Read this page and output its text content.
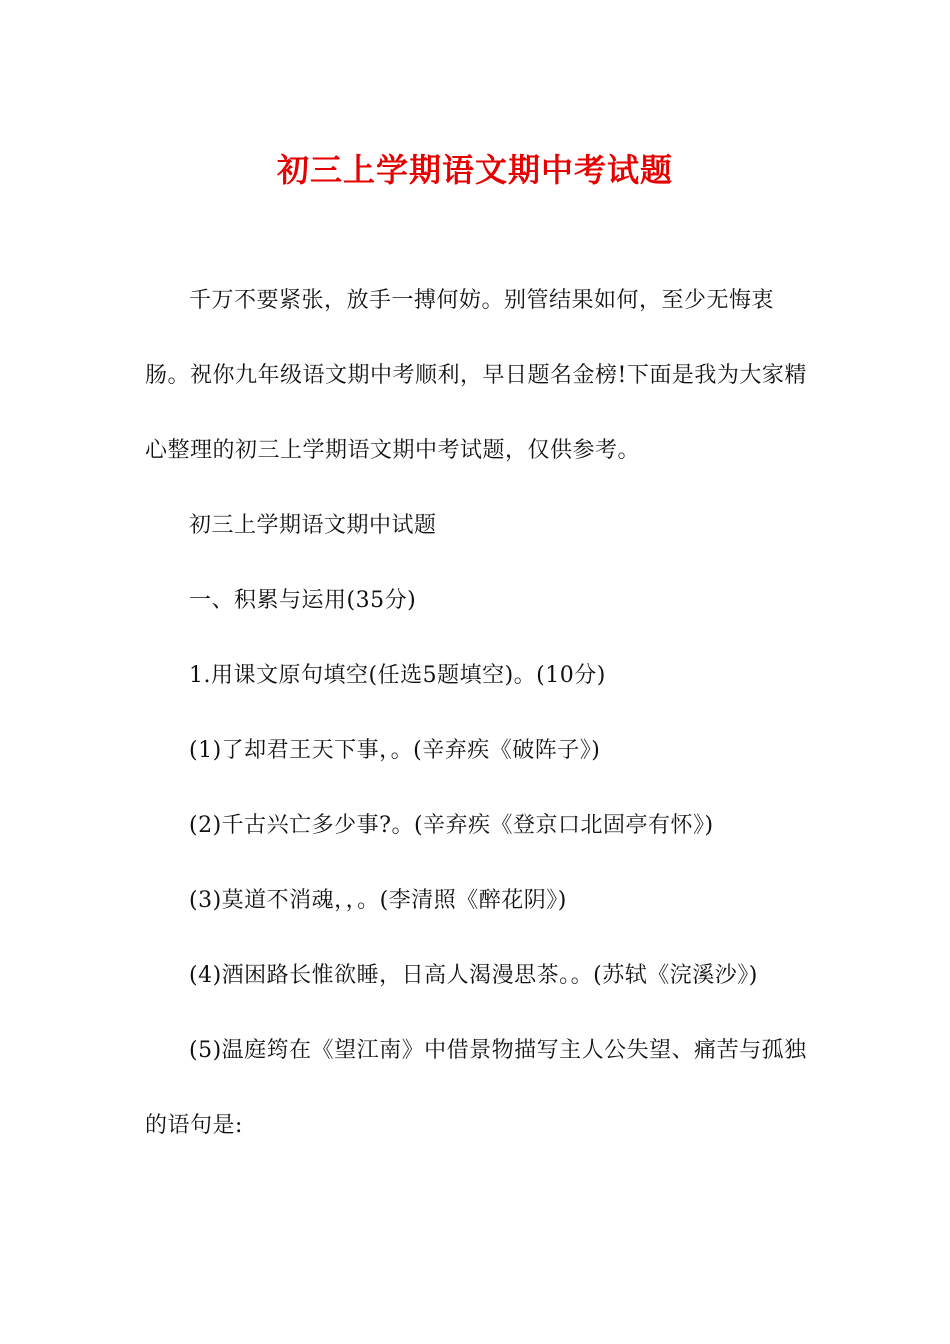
初三上学期语文期中考试题

千万不要紧张，放手一搏何妨。别管结果如何，至少无悔衷肠。祝你九年级语文期中考顺利，早日题名金榜!下面是我为大家精心整理的初三上学期语文期中考试题，仅供参考。

初三上学期语文期中试题

一、积累与运用(35分)

1.用课文原句填空(任选5题填空)。(10分)

(1)了却君王天下事，。(辛弃疾《破阵子》)

(2)千古兴亡多少事?。(辛弃疾《登京口北固亭有怀》)

(3)莫道不消魂，，。(李清照《醉花阴》)

(4)酒困路长惟欲睡，日高人渴漫思茶。。(苏轼《浣溪沙》)

(5)温庭筠在《望江南》中借景物描写主人公失望、痛苦与孤独的语句是:
